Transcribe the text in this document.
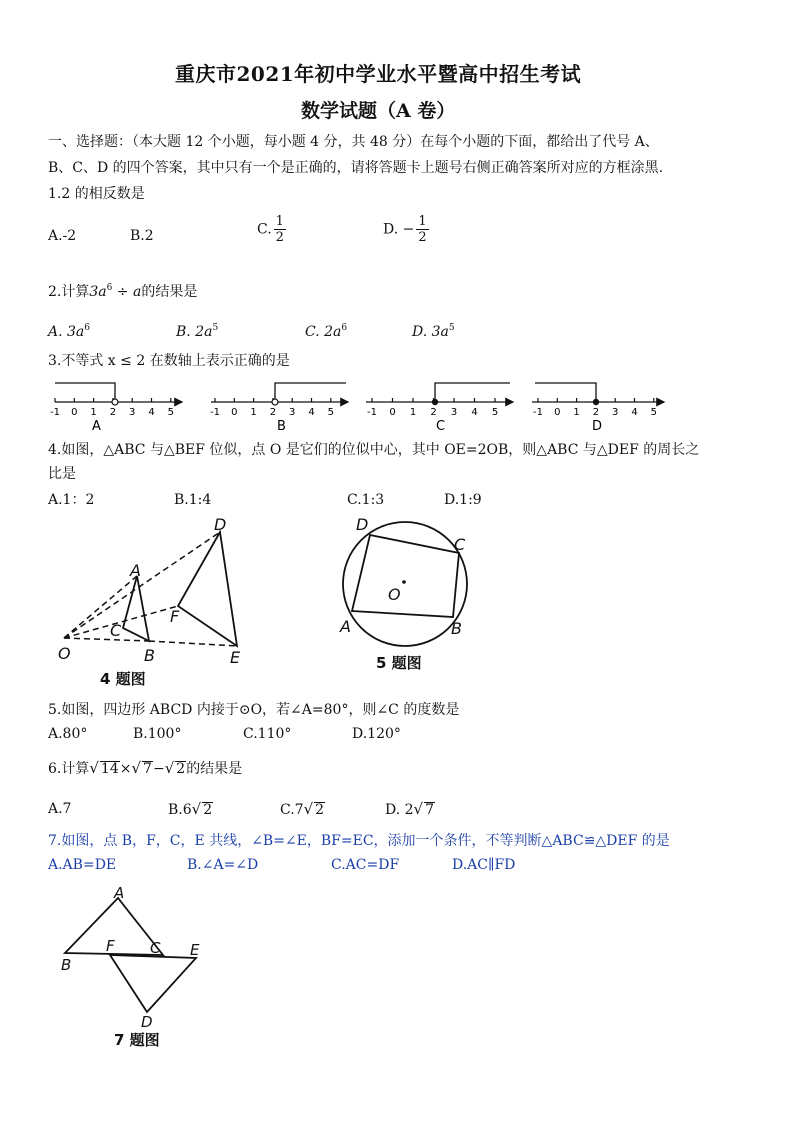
重庆市2021年初中学业水平暨高中招生考试
数学试题（A 卷）
一、选择题：（本大题 12 个小题，每小题 4 分，共 48 分）在每个小题的下面，都给出了代号 A、
B、C、D 的四个答案，其中只有一个是正确的，请将答题卡上题号右侧正确答案所对应的方框涂黑.
1.2 的相反数是
A.-2	B.2	C. $\frac{1}{2}$	D. − $\frac{1}{2}$
2.计算$3a^6 \div a$的结果是
A. $3a^6$	B. $2a^5$	C. $2a^6$	D. $3a^5$
3.不等式 x ≤ 2 在数轴上表示正确的是
-1 0 1 2 3 4 5	-1 0 1 2 3 4 5	-1 0 1 2 3 4 5	-1 0 1 2 3 4 5
A	B	C	D
4.如图，△ABC 与△BEF 位似，点 O 是它们的位似中心，其中 OE=2OB，则△ABC 与△DEF 的周长之
比是
A.1：2	B.1:4	C.1:3	D.1:9
D
A
F
C
O	B	E
4 题图
D
C
O
A	B
5 题图
5.如图，四边形 ABCD 内接于⊙O，若∠A=80°，则∠C 的度数是
A.80°	B.100°	C.110°	D.120°
6.计算√ 14×√ 7−√ 2的结果是
A.7	B.6√ 2	C.7√ 2	D. 2√ 7
7.如图，点 B，F，C，E 共线，∠B=∠E，BF=EC，添加一个条件，不等判断△ABC≌△DEF 的是
A.AB=DE	B.∠A=∠D	C.AC=DF	D.AC∥FD
A
F C E
B
D
7 题图
